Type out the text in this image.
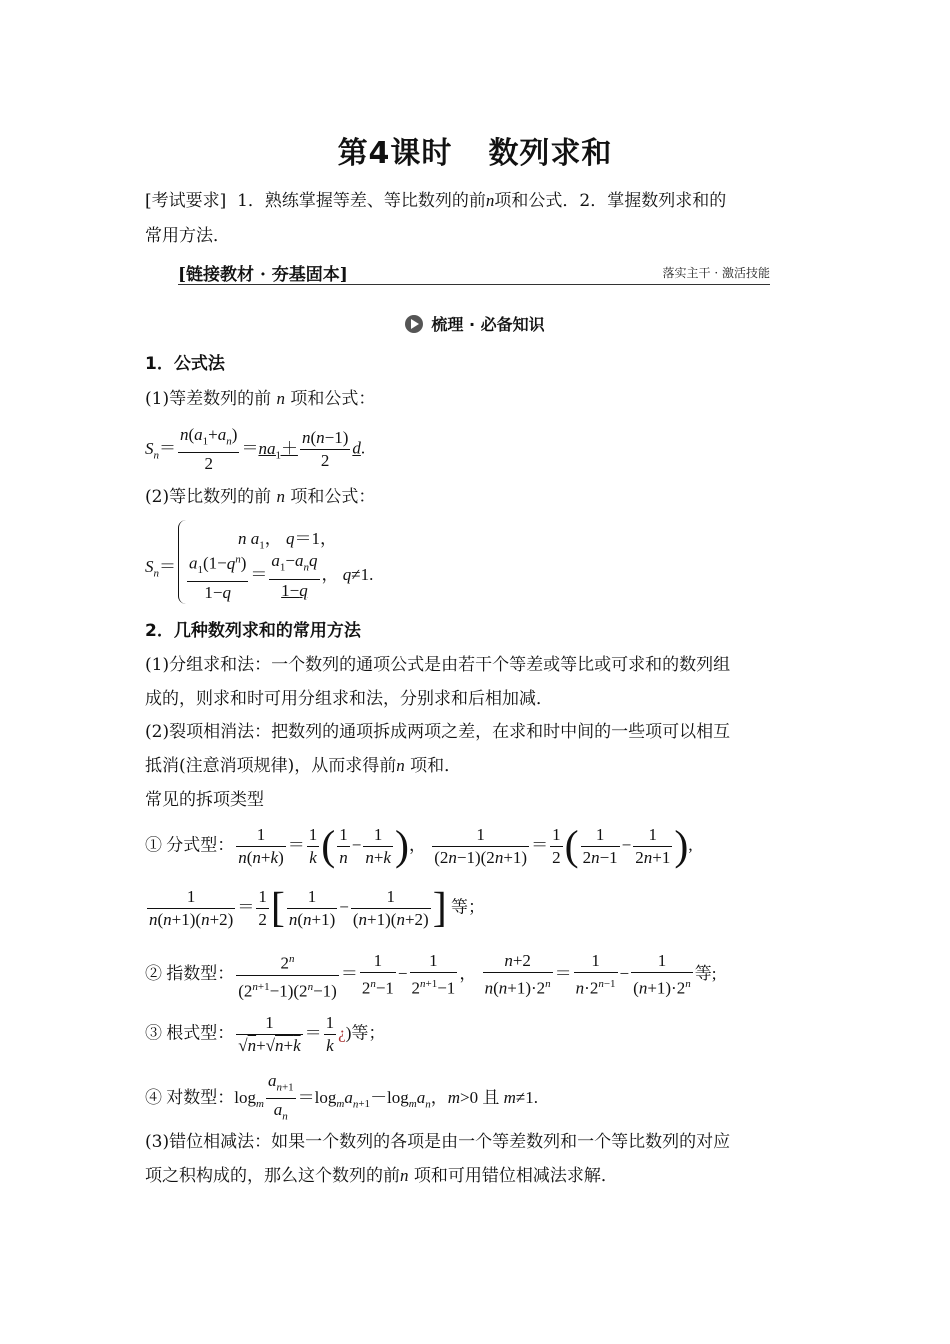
第4课时 数列求和
[考试要求] 1．熟练掌握等差、等比数列的前n项和公式．2．掌握数列求和的
常用方法．
[链接教材 · 夯基固本]	落实主干 · 激活技能
梳理 · 必备知识
1．公式法
(1)等差数列的前 n 项和公式：
$S_n= \frac{n(a_1+a_n)}{2} =na_1+ \frac{n(n-1)}{2} d$.
(2)等比数列的前 n 项和公式：
$S_n=$
n $a_1$， q＝1，
$\frac{a_1(1-q^n)}{1-q} = \frac{a_1-a_nq}{1-q}$ ， q≠1.
2．几种数列求和的常用方法
(1)分组求和法：一个数列的通项公式是由若干个等差或等比或可求和的数列组
成的，则求和时可用分组求和法，分别求和后相加减．
(2)裂项相消法：把数列的通项拆成两项之差，在求和时中间的一些项可以相互
抵消(注意消项规律)，从而求得前n 项和．
常见的拆项类型
① 分式型： $\frac{1}{n(n+k)} = \frac{1}{k}$ ( $\frac{1}{n} - \frac{1}{n+k}$ )， $\frac{1}{(2n-1)(2n+1)} = \frac{1}{2}$ ( $\frac{1}{2n-1} - \frac{1}{2n+1}$ ),
$\frac{1}{n(n+1)(n+2)} = \frac{1}{2}$ [ $\frac{1}{n(n+1)} - \frac{1}{(n+1)(n+2)}$ ] 等；
② 指数型： $\frac{2^n}{(2^{n+1}-1)(2^n-1)} = \frac{1}{2^n-1} - \frac{1}{2^{n+1}-1}$ ， $\frac{n+2}{n(n+1)\cdot 2^n} = \frac{1}{n\cdot 2^{n-1}} - \frac{1}{(n+1)\cdot 2^n}$ 等;
③ 根式型： $\frac{1}{√n+√n+k} = \frac{1}{k}$ ¿)等；
④ 对数型：$\log_m \frac{a_{n+1}}{a_n} =\log_ma_{n+1}-\log_ma_n$，m>0 且 m≠1.
(3)错位相减法：如果一个数列的各项是由一个等差数列和一个等比数列的对应
项之积构成的，那么这个数列的前n 项和可用错位相减法求解．
